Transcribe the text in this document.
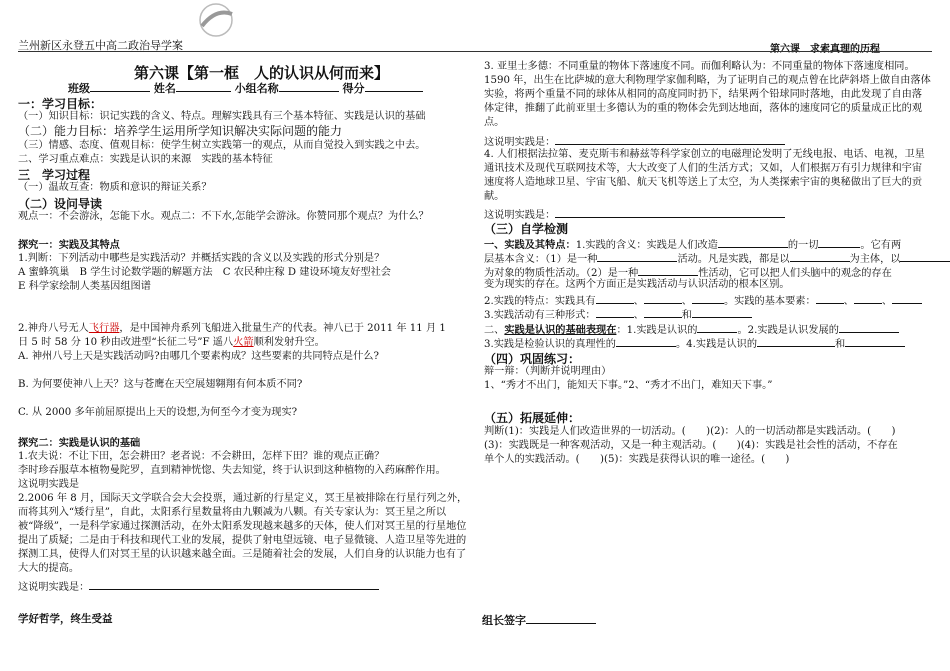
兰州新区永登五中高二政治导学案	第六课　求索真理的历程
第六课【第一框　人的认识从何而来】
班级	姓名	小组名称	得分
一：学习目标：
（一）知识目标：识记实践的含义、特点。理解实践具有三个基本特征、实践是认识的基础
（二）能力目标：培养学生运用所学知识解决实际问题的能力
（三）情感、态度、值观目标：使学生树立实践第一的观点，从而自觉投入到实践之中去。
二、学习重点难点：实践是认识的来源　实践的基本特征
三　学习过程
（一）温故互查：物质和意识的辩证关系？
（二）设问导读
观点一：不会游泳，怎能下水。观点二：不下水,怎能学会游泳。你赞同那个观点？为什么？
探究一：实践及其特点
1.判断：下列活动中哪些是实践活动？并概括实践的含义以及实践的形式分别是？
A 蜜蜂筑巢　B 学生讨论数学题的解题方法　C 农民种庄稼 D 建设环境友好型社会
E 科学家绘制人类基因组图谱
2.神舟八号无人飞行器，是中国神舟系列飞船进入批量生产的代表。神八已于 2011 年 11 月 1
日 5 时 58 分 10 秒由改进型“长征二号”F 遥八火箭顺利发射升空。
A. 神州八号上天是实践活动吗?由哪几个要素构成？这些要素的共同特点是什么?
B. 为何要使神八上天？这与苍鹰在天空展翅翱翔有何本质不同?
C. 从 2000 多年前屈原提出上天的设想,为何至今才变为现实?
探究二：实践是认识的基础
1.农夫说：不让下田，怎会耕田？老者说：不会耕田，怎样下田？谁的观点正确？
李时珍吞服草本植物曼陀罗，直到精神恍惚、失去知觉，终于认识到这种植物的入药麻醉作用。
这说明实践是
2.2006 年 8 月，国际天文学联合会大会投票，通过新的行星定义，冥王星被排除在行星行列之外，而将其列入“矮行星”，自此，太阳系行星数量将由九颗减为八颗。有关专家认为：冥王星之所以被“降级”，一是科学家通过探测活动，在外太阳系发现越来越多的天体，使人们对冥王星的行星地位提出了质疑；二是由于科技和现代工业的发展，提供了射电望远镜、电子显微镜、人造卫星等先进的探测工具，使得人们对冥王星的认识越来越全面。三是随着社会的发展，人们自身的认识能力也有了大大的提高。
这说明实践是：
学好哲学，终生受益
3. 亚里士多德：不同重量的物体下落速度不同。而伽利略认为：不同重量的物体下落速度相同。1590 年，出生在比萨城的意大利物理学家伽利略，为了证明自己的观点曾在比萨斜塔上做自由落体实验，将两个重量不同的球体从相同的高度同时扔下，结果两个铅球同时落地，由此发现了自由落体定律，推翻了此前亚里士多德认为的重的物体会先到达地面，落体的速度同它的质量成正比的观点。
这说明实践是：
4. 人们根据法拉第、麦克斯韦和赫兹等科学家创立的电磁理论发明了无线电报、电话、电视，卫星通讯技术及现代互联网技术等，大大改变了人们的生活方式；又如，人们根据万有引力规律和宇宙速度将人造地球卫星、宇宙飞船、航天飞机等送上了太空，为人类探索宇宙的奥秘做出了巨大的贡献。
这说明实践是：
（三）自学检测
一、实践及其特点：1.实践的含义：实践是人们改造	的一切	。它有两
层基本含义：（1）是一种	活动。凡是实践，都是以	为主体，以
为对象的物质性活动。（2）是一种	性活动，它可以把人们头脑中的观念的存在
变为现实的存在。这两个方面正是实践活动与认识活动的根本区别。
2.实践的特点：实践具有	、	、	。实践的基本要素：	、	、
3.实践活动有三种形式：	、	和
二、实践是认识的基础表现在：1.实践是认识的	。2.实践是认识发展的
3.实践是检验认识的真理性的	。4.实践是认识的	和
（四）巩固练习：
辩一辩：（判断并说明理由）
1、“秀才不出门，能知天下事。”2、“秀才不出门，难知天下事。”
（五）拓展延伸：
判断(1)：实践是人们改造世界的一切活动。(　　)(2)：人的一切活动都是实践活动。(　　)
(3)：实践既是一种客观活动，又是一种主观活动。(　　)(4)：实践是社会性的活动，不存在
单个人的实践活动。(　　)(5)：实践是获得认识的唯一途径。(　　)
组长签字
